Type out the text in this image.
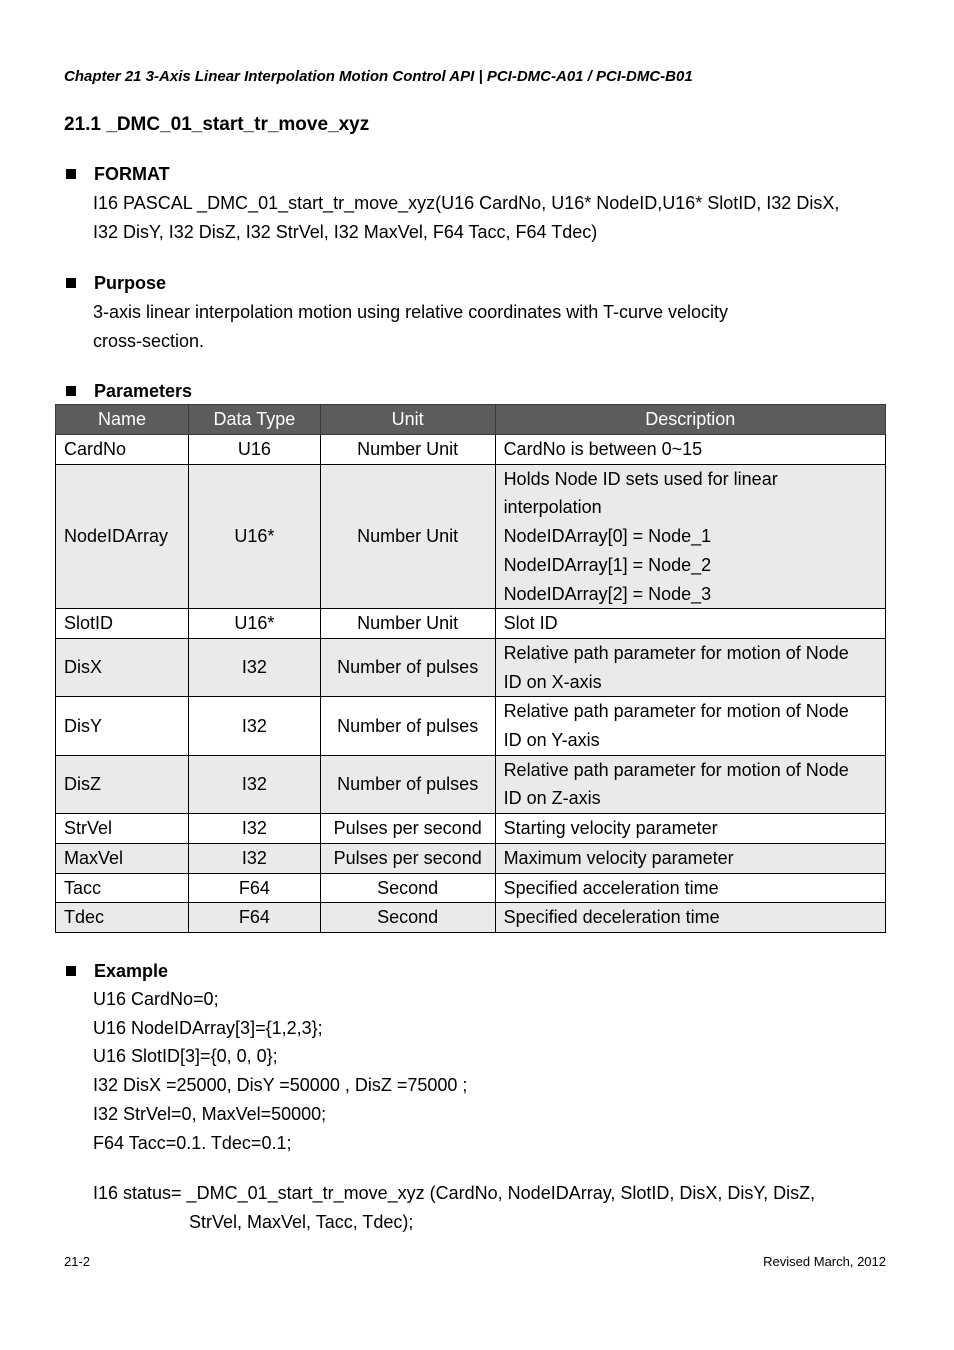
Chapter 21 3-Axis Linear Interpolation Motion Control API | PCI-DMC-A01 / PCI-DMC-B01
21.1 _DMC_01_start_tr_move_xyz
FORMAT
I16 PASCAL _DMC_01_start_tr_move_xyz(U16 CardNo, U16* NodeID,U16* SlotID, I32 DisX,
I32 DisY, I32 DisZ, I32 StrVel, I32 MaxVel, F64 Tacc, F64 Tdec)
Purpose
3-axis linear interpolation motion using relative coordinates with T-curve velocity
cross-section.
Parameters
Name	Data Type	Unit	Description
CardNo	U16	Number Unit	CardNo is between 0~15

NodeIDArray	U16*	Number Unit	Holds Node ID sets used for linear
interpolation
NodeIDArray[0] = Node_1
NodeIDArray[1] = Node_2
NodeIDArray[2] = Node_3

SlotID	U16*	Number Unit	Slot ID

DisX	I32	Number of pulses	Relative path parameter for motion of Node
ID on X-axis

DisY	I32	Number of pulses	Relative path parameter for motion of Node
ID on Y-axis

DisZ	I32	Number of pulses	Relative path parameter for motion of Node
ID on Z-axis

StrVel	I32	Pulses per second	Starting velocity parameter

MaxVel	I32	Pulses per second	Maximum velocity parameter

Tacc	F64	Second	Specified acceleration time

Tdec	F64	Second	Specified deceleration time
Example
U16 CardNo=0;
U16 NodeIDArray[3]={1,2,3};
U16 SlotID[3]={0, 0, 0};
I32 DisX =25000, DisY =50000 , DisZ =75000 ;
I32 StrVel=0, MaxVel=50000;
F64 Tacc=0.1. Tdec=0.1;
I16 status= _DMC_01_start_tr_move_xyz (CardNo, NodeIDArray, SlotID, DisX, DisY, DisZ,
StrVel, MaxVel, Tacc, Tdec);
21-2	Revised March, 2012
